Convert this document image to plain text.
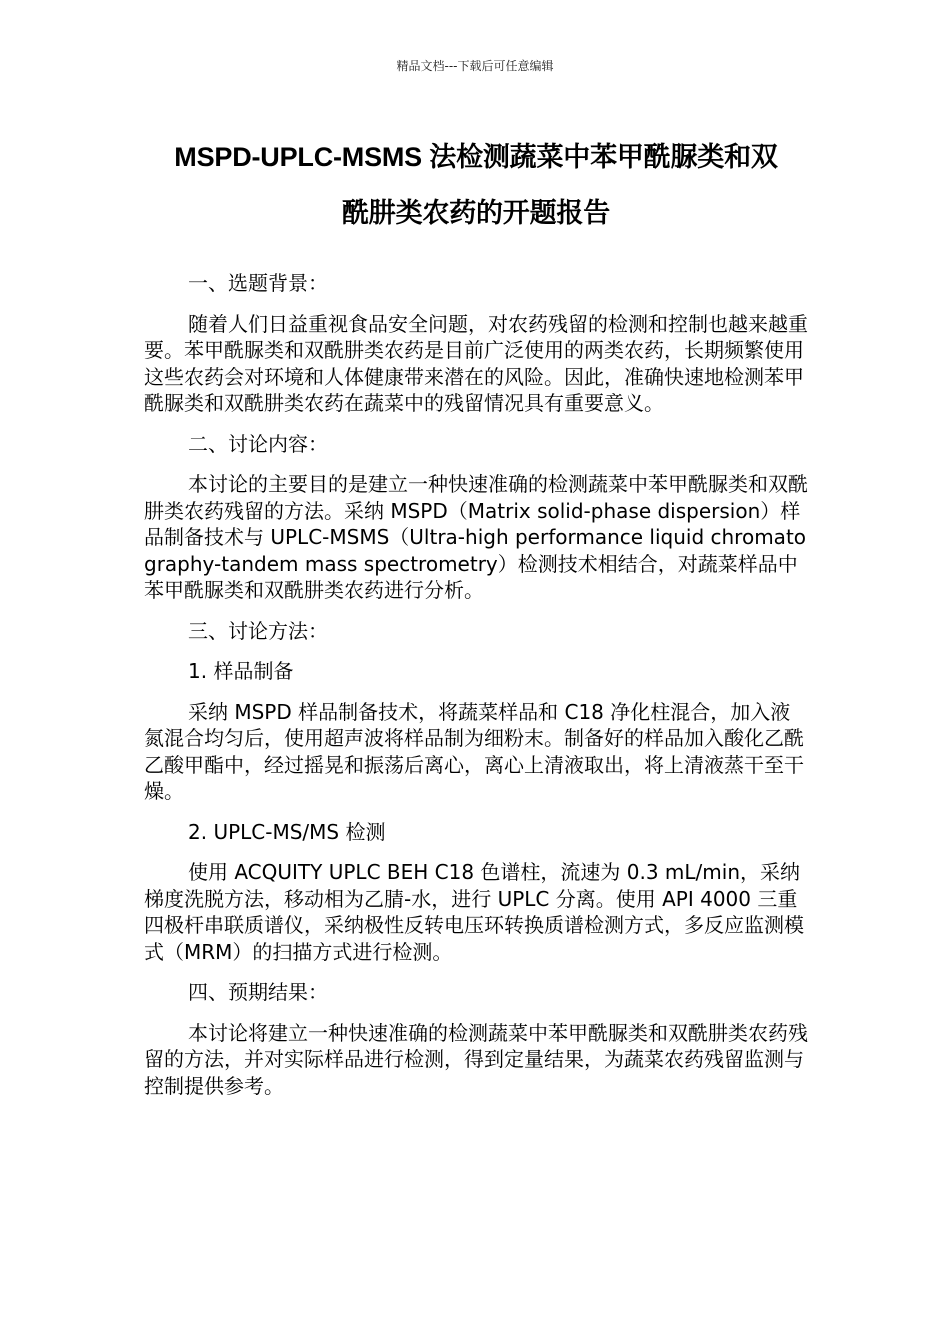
精品文档---下载后可任意编辑
MSPD-UPLC-MSMS 法检测蔬菜中苯甲酰脲类和双
酰肼类农药的开题报告

一、选题背景：

随着人们日益重视食品安全问题，对农药残留的检测和控制也越来越重要。苯甲酰脲类和双酰肼类农药是目前广泛使用的两类农药，长期频繁使用这些农药会对环境和人体健康带来潜在的风险。因此，准确快速地检测苯甲酰脲类和双酰肼类农药在蔬菜中的残留情况具有重要意义。

二、讨论内容：

本讨论的主要目的是建立一种快速准确的检测蔬菜中苯甲酰脲类和双酰肼类农药残留的方法。采纳 MSPD（Matrix solid-phase dispersion）样品制备技术与 UPLC-MSMS（Ultra-high performance liquid chromatography-tandem mass spectrometry）检测技术相结合，对蔬菜样品中苯甲酰脲类和双酰肼类农药进行分析。

三、讨论方法：

1. 样品制备

采纳 MSPD 样品制备技术，将蔬菜样品和 C18 净化柱混合，加入液氮混合均匀后，使用超声波将样品制为细粉末。制备好的样品加入酸化乙酰乙酸甲酯中，经过摇晃和振荡后离心，离心上清液取出，将上清液蒸干至干燥。

2. UPLC-MS/MS 检测

使用 ACQUITY UPLC BEH C18 色谱柱，流速为 0.3 mL/min，采纳梯度洗脱方法，移动相为乙腈-水，进行 UPLC 分离。使用 API 4000 三重四极杆串联质谱仪，采纳极性反转电压环转换质谱检测方式，多反应监测模式（MRM）的扫描方式进行检测。

四、预期结果：

本讨论将建立一种快速准确的检测蔬菜中苯甲酰脲类和双酰肼类农药残留的方法，并对实际样品进行检测，得到定量结果，为蔬菜农药残留监测与控制提供参考。
